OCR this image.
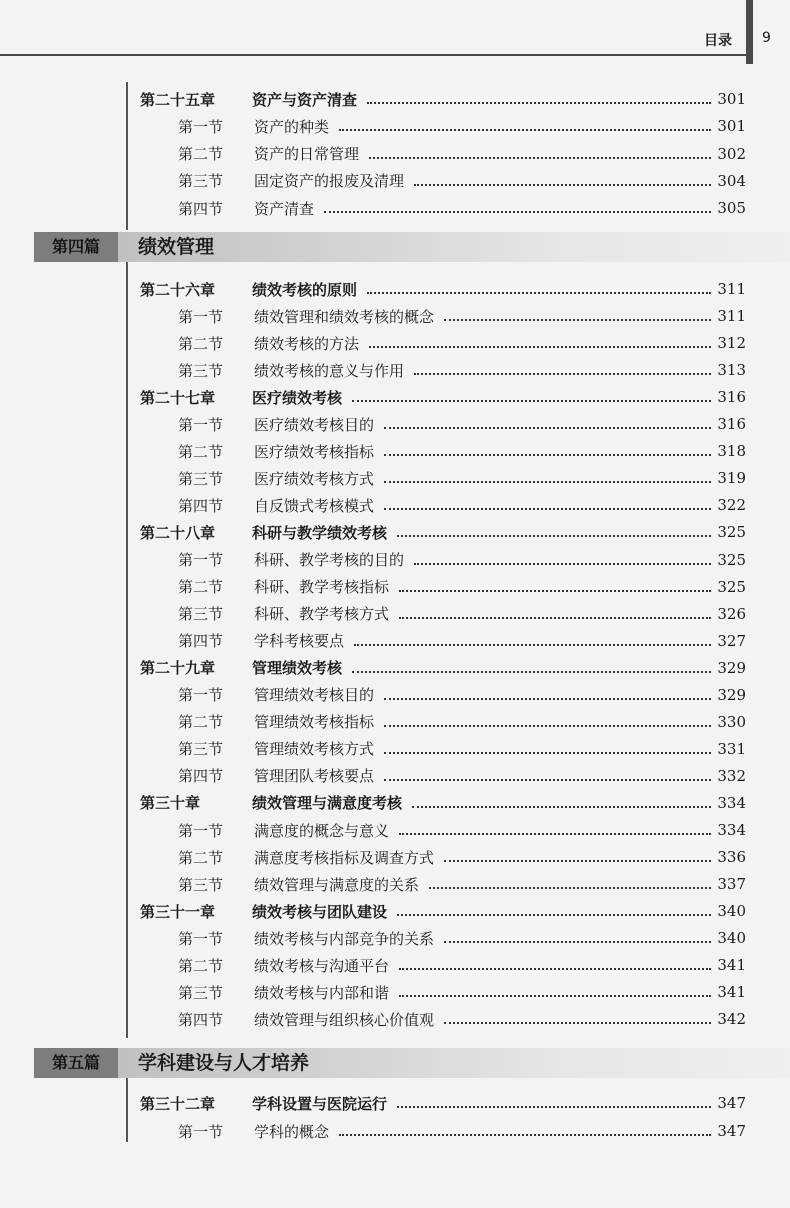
目录 9
第二十五章	资产与资产清查	301
第一节	资产的种类	301
第二节	资产的日常管理	302
第三节	固定资产的报废及清理	304
第四节	资产清查	305
第四篇	绩效管理
第二十六章	绩效考核的原则	311
第一节	绩效管理和绩效考核的概念	311
第二节	绩效考核的方法	312
第三节	绩效考核的意义与作用	313
第二十七章	医疗绩效考核	316
第一节	医疗绩效考核目的	316
第二节	医疗绩效考核指标	318
第三节	医疗绩效考核方式	319
第四节	自反馈式考核模式	322
第二十八章	科研与教学绩效考核	325
第一节	科研、教学考核的目的	325
第二节	科研、教学考核指标	325
第三节	科研、教学考核方式	326
第四节	学科考核要点	327
第二十九章	管理绩效考核	329
第一节	管理绩效考核目的	329
第二节	管理绩效考核指标	330
第三节	管理绩效考核方式	331
第四节	管理团队考核要点	332
第三十章	绩效管理与满意度考核	334
第一节	满意度的概念与意义	334
第二节	满意度考核指标及调查方式	336
第三节	绩效管理与满意度的关系	337
第三十一章	绩效考核与团队建设	340
第一节	绩效考核与内部竞争的关系	340
第二节	绩效考核与沟通平台	341
第三节	绩效考核与内部和谐	341
第四节	绩效管理与组织核心价值观	342
第五篇	学科建设与人才培养
第三十二章	学科设置与医院运行	347
第一节	学科的概念	347
